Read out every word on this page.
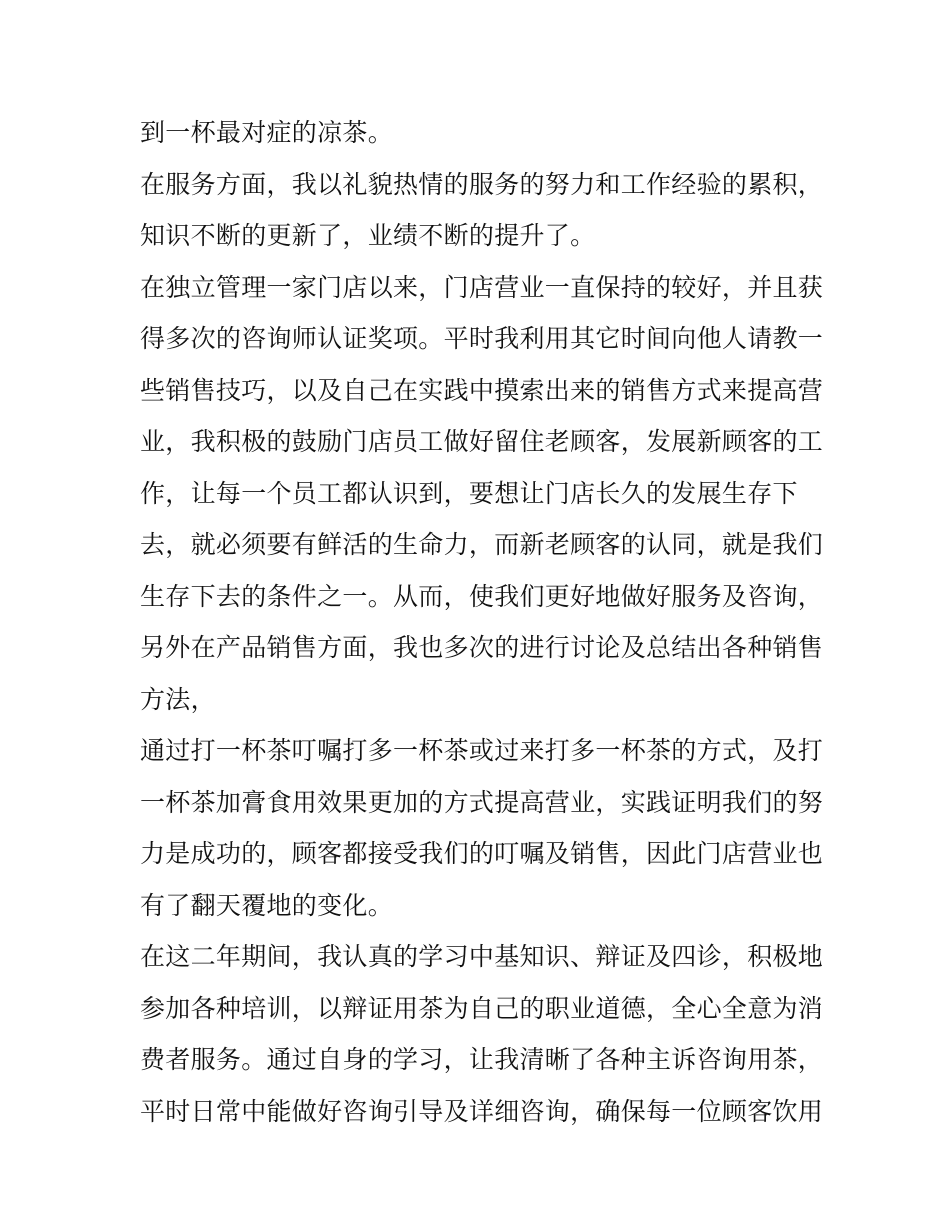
到一杯最对症的凉茶。
在服务方面，我以礼貌热情的服务的努力和工作经验的累积，
知识不断的更新了，业绩不断的提升了。
在独立管理一家门店以来，门店营业一直保持的较好，并且获
得多次的咨询师认证奖项。平时我利用其它时间向他人请教一
些销售技巧，以及自己在实践中摸索出来的销售方式来提高营
业，我积极的鼓励门店员工做好留住老顾客，发展新顾客的工
作，让每一个员工都认识到，要想让门店长久的发展生存下
去，就必须要有鲜活的生命力，而新老顾客的认同，就是我们
生存下去的条件之一。从而，使我们更好地做好服务及咨询，
另外在产品销售方面，我也多次的进行讨论及总结出各种销售
方法，
通过打一杯茶叮嘱打多一杯茶或过来打多一杯茶的方式，及打
一杯茶加膏食用效果更加的方式提高营业，实践证明我们的努
力是成功的，顾客都接受我们的叮嘱及销售，因此门店营业也
有了翻天覆地的变化。
在这二年期间，我认真的学习中基知识、辩证及四诊，积极地
参加各种培训，以辩证用茶为自己的职业道德，全心全意为消
费者服务。通过自身的学习，让我清晰了各种主诉咨询用茶，
平时日常中能做好咨询引导及详细咨询，确保每一位顾客饮用
